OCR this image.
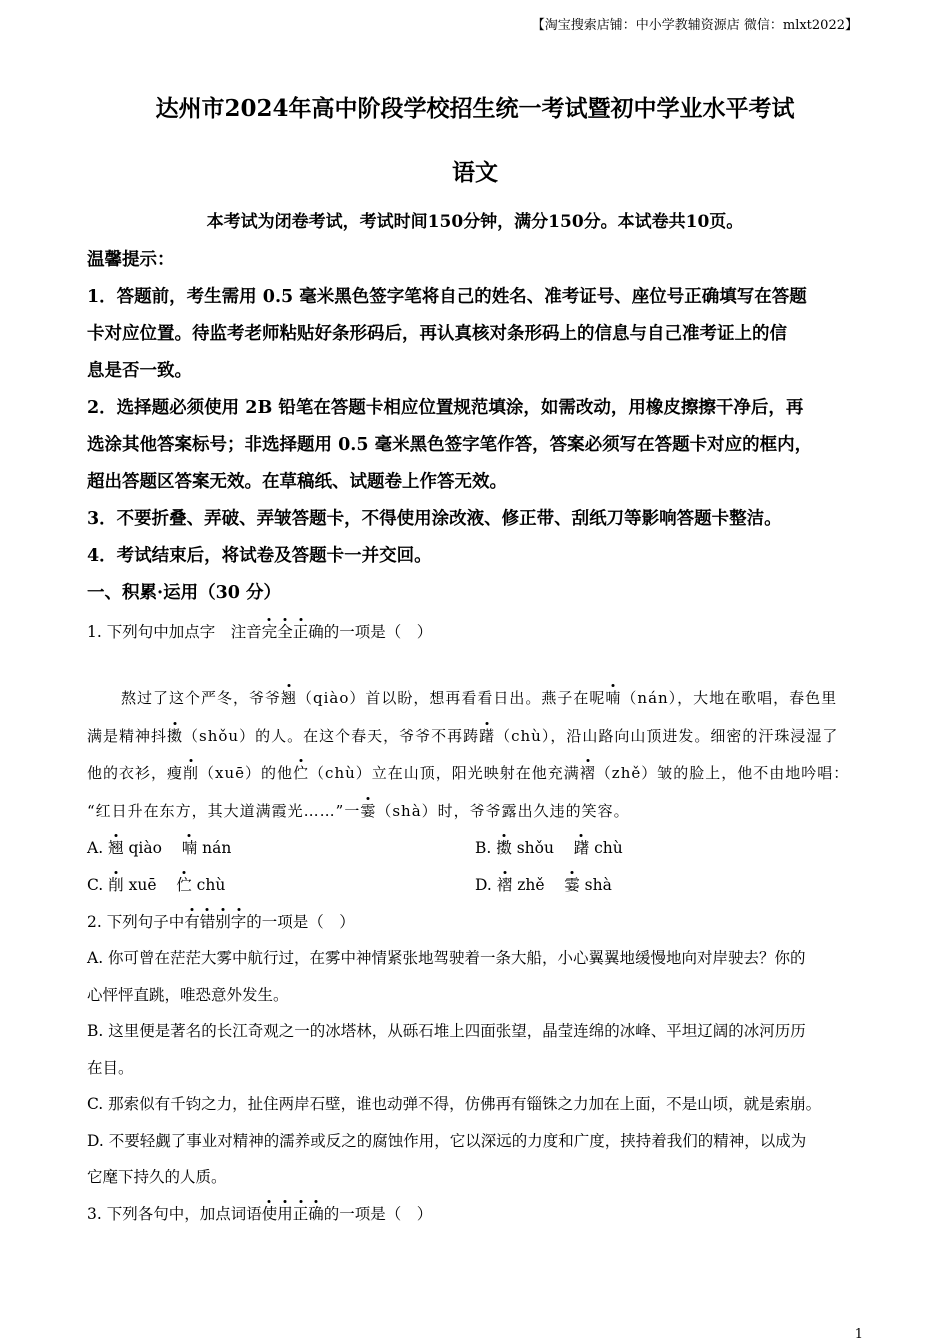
【淘宝搜索店铺：中小学教辅资源店 微信：mlxt2022】
达州市2024年高中阶段学校招生统一考试暨初中学业水平考试
语文
本考试为闭卷考试，考试时间150分钟，满分150分。本试卷共10页。

温馨提示：

1．答题前，考生需用 0.5 毫米黑色签字笔将自己的姓名、准考证号、座位号正确填写在答题

卡对应位置。待监考老师粘贴好条形码后，再认真核对条形码上的信息与自己准考证上的信

息是否一致。

2．选择题必须使用 2B 铅笔在答题卡相应位置规范填涂，如需改动，用橡皮擦擦干净后，再

选涂其他答案标号；非选择题用 0.5 毫米黑色签字笔作答，答案必须写在答题卡对应的框内，

超出答题区答案无效。在草稿纸、试题卷上作答无效。

3．不要折叠、弄破、弄皱答题卡，不得使用涂改液、修正带、刮纸刀等影响答题卡整洁。

4．考试结束后，将试卷及答题卡一并交回。

一、积累·运用（30 分）

1. 下列句中加点字　注音完全正确的一项是（　）

熬过了这个严冬，爷爷翘（qiào）首以盼，想再看看日出。燕子在呢喃（nán），大地在歌唱，春色里

满是精神抖擞（shǒu）的人。在这个春天，爷爷不再踌躇（chù），沿山路向山顶进发。细密的汗珠浸湿了

他的衣衫，瘦削（xuē）的他伫（chù）立在山顶，阳光映射在他充满褶（zhě）皱的脸上，他不由地吟唱：

“红日升在东方，其大道满霞光……”一霎（shà）时，爷爷露出久违的笑容。

A. 翘 qiào 喃 nán	B. 擞 shǒu 躇 chù
C. 削 xuē 伫 chù	D. 褶 zhě 霎 shà

2. 下列句子中有错别字的一项是（　）

A. 你可曾在茫茫大雾中航行过，在雾中神情紧张地驾驶着一条大船，小心翼翼地缓慢地向对岸驶去？你的

心怦怦直跳，唯恐意外发生。

B. 这里便是著名的长江奇观之一的冰塔林，从砾石堆上四面张望，晶莹连绵的冰峰、平坦辽阔的冰河历历

在目。

C. 那索似有千钧之力，扯住两岸石壁，谁也动弹不得，仿佛再有锱铢之力加在上面，不是山顷，就是索崩。

D. 不要轻觑了事业对精神的濡养或反之的腐蚀作用，它以深远的力度和广度，挟持着我们的精神，以成为

它麾下持久的人质。

3. 下列各句中，加点词语使用正确的一项是（　）

1
